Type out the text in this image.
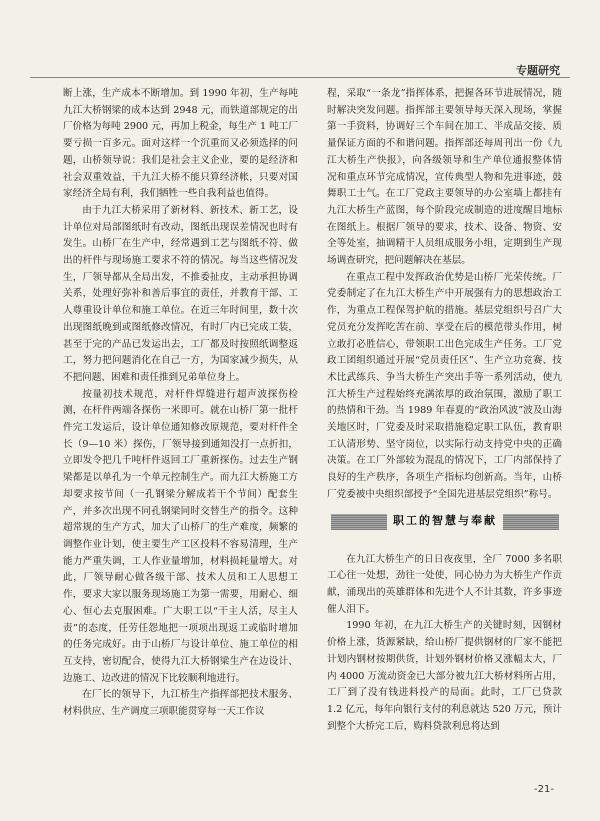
专题研究

断上涨，生产成本不断增加。到 1990 年初，生产每吨九江大桥钢梁的成本达到 2948 元，而铁道部规定的出厂价格为每吨 2900 元，再加上税金，每生产 1 吨工厂要亏损一百多元。面对这样一个沉重而又必须选择的问题，山桥领导说：我们是社会主义企业，要的是经济和社会双重效益，干九江大桥不能只算经济帐，只要对国家经济全局有利，我们牺牲一些自我利益也值得。

由于九江大桥采用了新材料、新技术、新工艺，设计单位对局部图纸时有改动，图纸出现误差情况也时有发生。山桥厂在生产中，经常遇到工艺与图纸不符、做出的杆件与现场施工要求不符的情况。每当这些情况发生，厂领导都从全局出发，不推委扯皮，主动承担协调关系，处理好弥补和善后事宜的责任，并教育干部、工人尊重设计单位和施工单位。在近三年时间里，数十次出现图纸晚到或图纸修改情况，有时厂内已完成工装，甚至于完的产品已发运出去，工厂都及时按照纸调整返工，努力把问题消化在自己一方，为国家减少损失，从不把问题、困难和责任推到兄弟单位身上。

按量初技术规范，对杆件焊缝进行超声波探伤检测，在杆件两端各探伤一米即可。就在山桥厂第一批杆件完工发运后，设计单位通知修改原规范，要对杆件全长（9—10 米）探伤，厂领导接到通知没打一点折扣，立即发令把几千吨杆件返回工厂重新探伤。过去生产钢梁都是以单孔为一个单元控制生产。而九江大桥施工方却要求按节间（一孔钢梁分解成若干个节间）配套生产，并多次出现不同孔钢梁同时交替生产的指令。这种超常规的生产方式，加大了山桥厂的生产难度，频繁的调整作业计划，使主要生产工区投料不容易清理，生产能力严重失调，工人作业量增加，材料损耗量增大。对此，厂领导耐心做各级干部、技术人员和工人思想工作，要求大家以服务现场施工为第一需要，用耐心、细心、恒心去克服困难。广大职工以“干主人活，尽主人责”的态度，任劳任怨地把一项项出现返工或临时增加的任务完成好。由于山桥厂与设计单位、施工单位的相互支持，密切配合，使得九江大桥钢梁生产在边设计、边施工、边改进的情况下比较顺利地进行。

在厂长的领导下，九江桥生产指挥部把技术服务、材料供应、生产调度三项职能贯穿每一天工作议

程，采取“一条龙”指挥体系，把握各环节进展情况，随时解决突发问题。指挥部主要领导每天深入现场，掌握第一手资料，协调好三个车间在加工、半成品交接、质量保证方面的不和谐问题。指挥部还每周刊出一份《九江大桥生产快报》，向各级领导和生产单位通报整体情况和重点环节完成情况，宣传典型人物和先进事迹，鼓舞职工士气。在工厂党政主要领导的办公室墙上都挂有九江大桥生产蓝图，每个阶段完成制造的进度醒目地标在图纸上。根据厂领导的要求，技术、设备、物资、安全等处室，抽调精干人员组成服务小组，定期到生产现场调查研究，把问题解决在基层。

在重点工程中发挥政治优势是山桥厂光荣传统。厂党委制定了在九江大桥生产中开展强有力的思想政治工作，为重点工程保驾护航的措施。基层党组织号召广大党员充分发挥吃苦在前、享受在后的模范带头作用，树立敢打必胜信心，带领职工出色完成生产任务。工厂党政工团组织通过开展“党员责任区”、生产立功竞赛、技术比武练兵、争当大桥生产突出手等一系列活动，使九江大桥生产过程始终充满浓厚的政治氛围，激励了职工的热情和干劲。当 1989 年春夏的“政治风波”波及山海关地区时，厂党委及时采取措施稳定职工队伍，教育职工认清形势、坚守岗位，以实际行动支持党中央的正确决策。在工厂外部较为混乱的情况下，工厂内部保持了良好的生产秩序，各项生产指标均创新高。当年，山桥厂党委被中央组织部授予“全国先进基层党组织”称号。

职工的智慧与奉献

在九江大桥生产的日日夜夜里，全厂 7000 多名职工心往一处想，劲往一处使，同心协力为大桥生产作贡献，涌现出的英雄群体和先进个人不计其数，许多事迹催人泪下。

1990 年初，在九江大桥生产的关键时刻，因钢材价格上涨，货源紧缺，给山桥厂提供钢材的厂家不能把计划内钢材按期供货，计划外钢材价格又涨幅太大，厂内 4000 万流动资金已大部分被九江大桥材料所占用，工厂到了没有钱进料投产的局面。此时，工厂已贷款 1.2 亿元，每年向银行支付的利息就达 520 万元，预计到整个大桥完工后，购料贷款利息将达到

-21-
